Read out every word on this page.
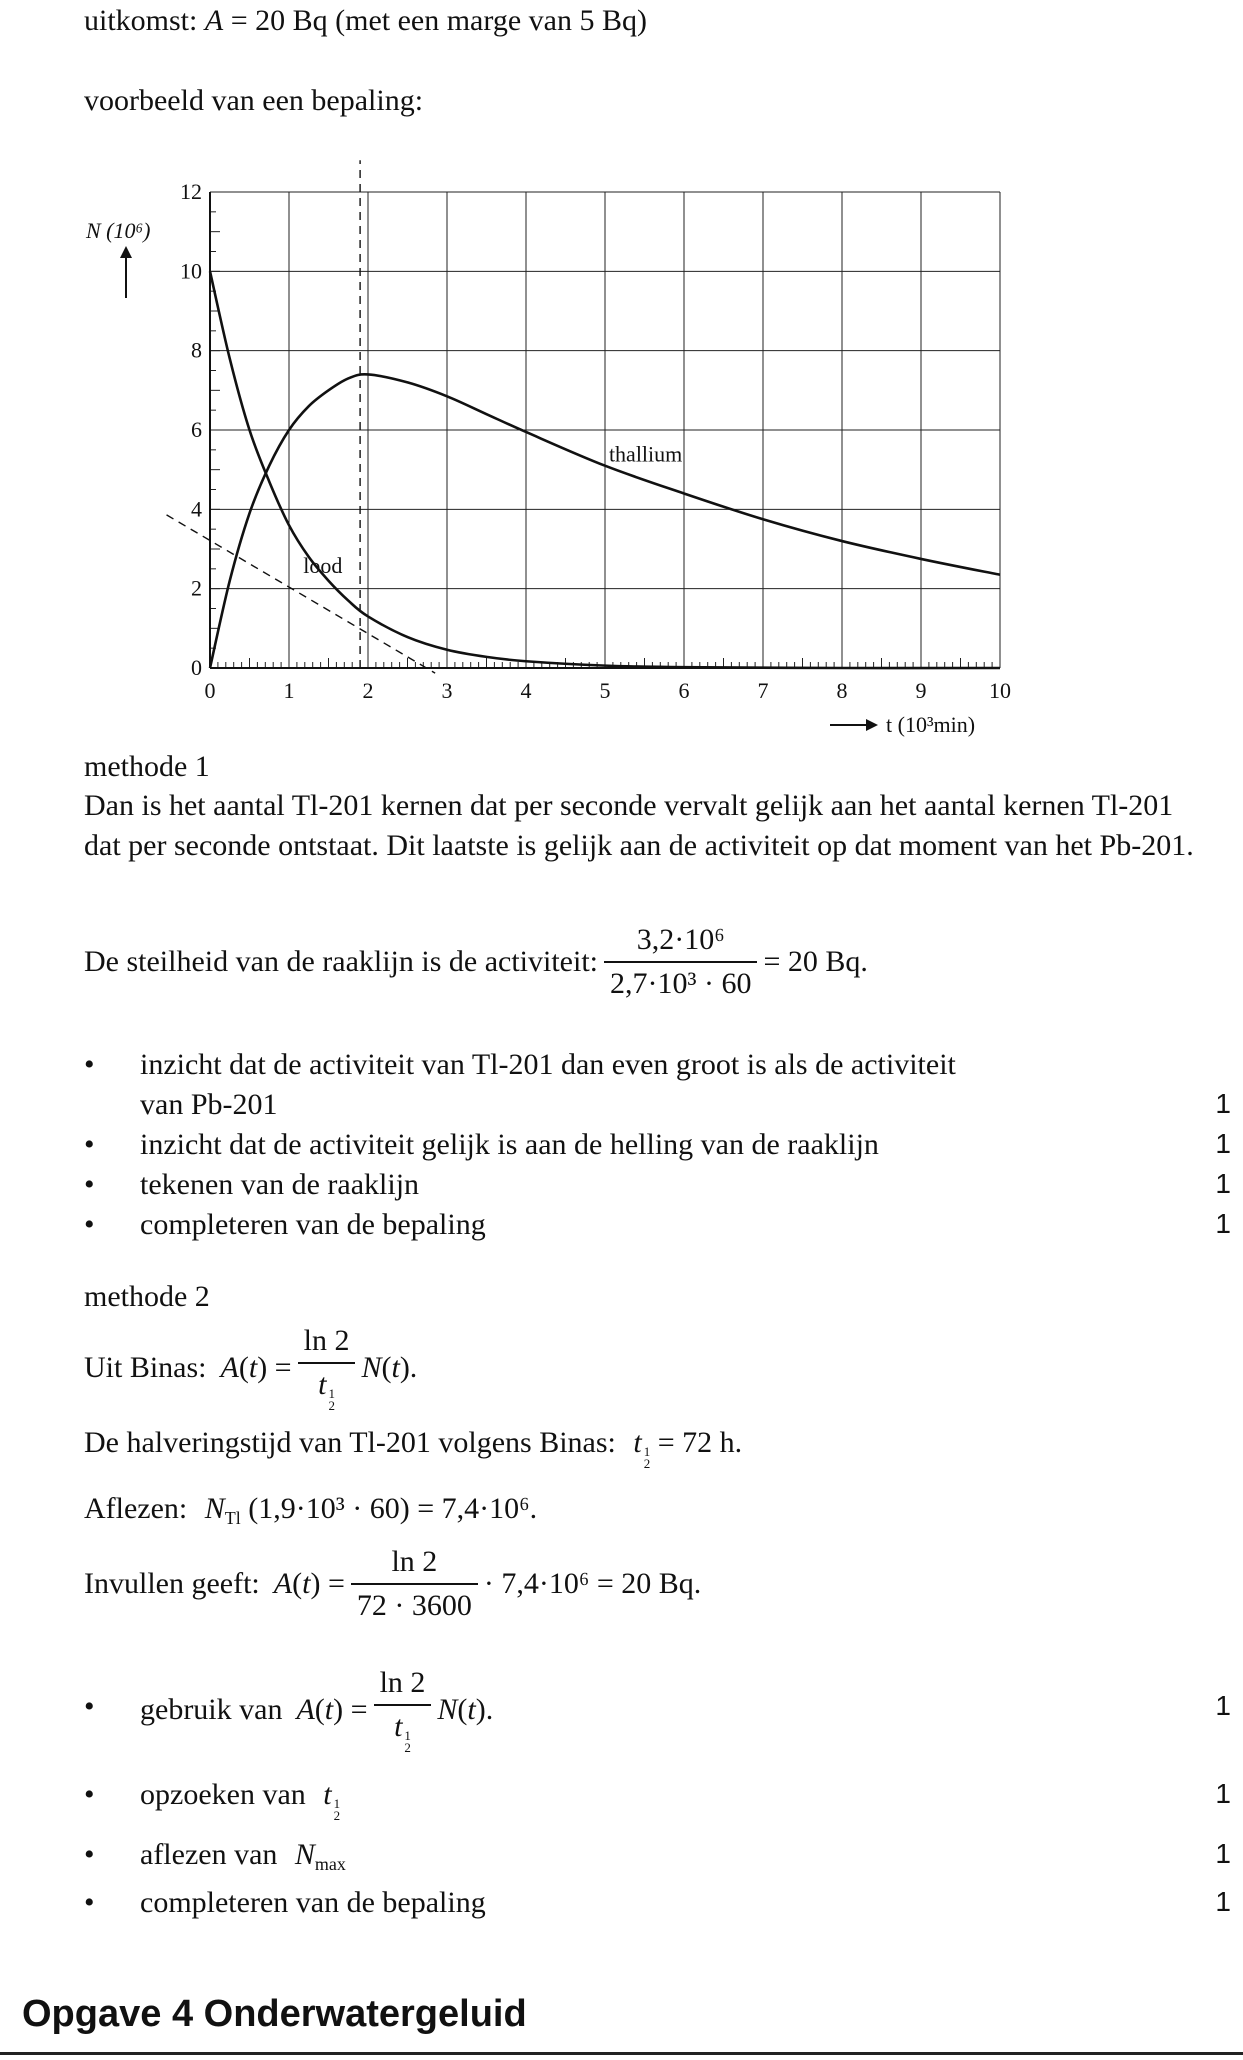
uitkomst: A = 20 Bq (met een marge van 5 Bq)
voorbeeld van een bepaling:
0	1	2	3	4	5	6	7	8	9	10
0
2
4
6
8
10
12
lood
thallium
N (10⁶)
t (10³min)
methode 1
Dan is het aantal Tl-201 kernen dat per seconde vervalt gelijk aan het aantal kernen Tl-201 dat per seconde ontstaat. Dit laatste is gelijk aan de activiteit op dat moment van het Pb-201.
De steilheid van de raaklijn is de activiteit: $\frac{\text{3,2·10⁶}}{\text{2,7·10³ · 60}} = 20$ Bq.
• inzicht dat de activiteit van Tl-201 dan even groot is als de activiteit
van Pb-201	1
• inzicht dat de activiteit gelijk is aan de helling van de raaklijn	1
• tekenen van de raaklijn	1
• completeren van de bepaling	1
methode 2
Uit Binas: A ( t ) =
ln 2
t 1
2
N ( t ).
De halveringstijd van Tl-201 volgens Binas: t 1
2 = 72 h.
Aflezen: $N_{Tl}$ (1,9·10³ · 60) = 7,4·10⁶.
Invullen geeft: A ( t ) = $\frac{\ln 2}{72 \cdot 3600} \cdot 7,4\cdot 10^6 = 20$ Bq.
• gebruik van A ( t ) =
ln 2
t 1
2
N ( t ).	1
• opzoeken van t 1
2
1
• aflezen van $N_{max}$	1
• completeren van de bepaling	1
Opgave 4 Onderwatergeluid
